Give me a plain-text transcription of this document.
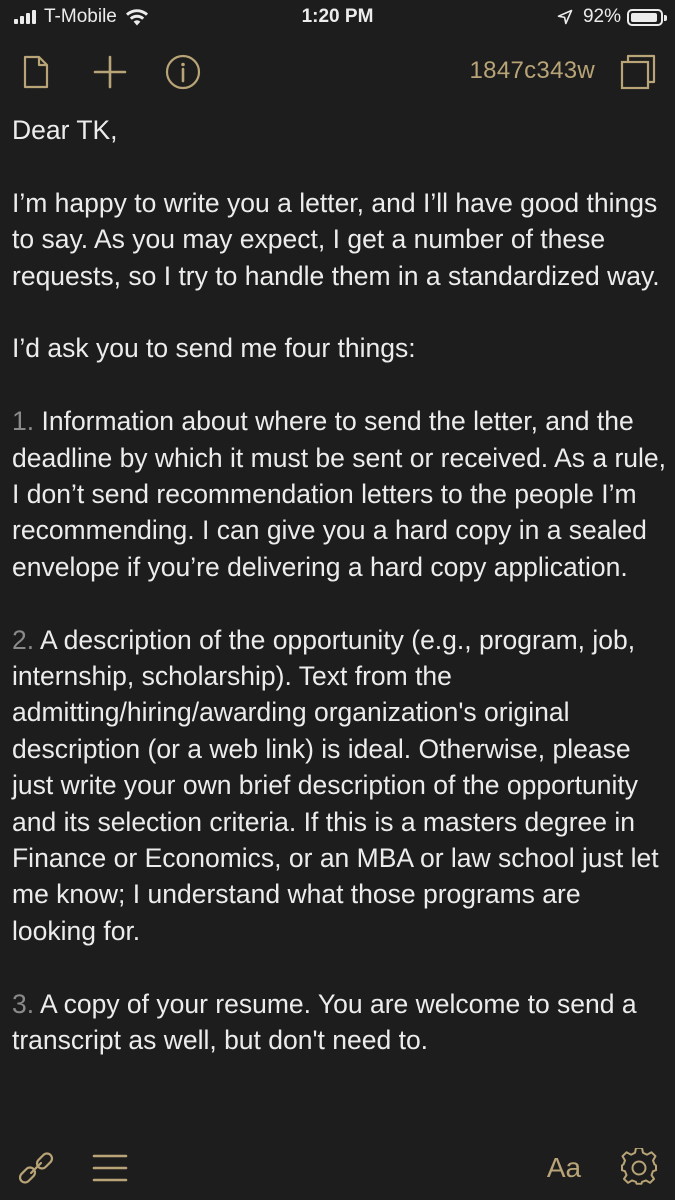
T-Mobile	1:20 PM	92%
1847c343w

Dear TK,

I’m happy to write you a letter, and I’ll have good things to say. As you may expect, I get a number of these requests, so I try to handle them in a standardized way.

I’d ask you to send me four things:

1. Information about where to send the letter, and the deadline by which it must be sent or received. As a rule, I don’t send recommendation letters to the people I’m recommending. I can give you a hard copy in a sealed envelope if you’re delivering a hard copy application.

2. A description of the opportunity (e.g., program, job, internship, scholarship). Text from the admitting/hiring/awarding organization's original description (or a web link) is ideal. Otherwise, please just write your own brief description of the opportunity and its selection criteria. If this is a masters degree in Finance or Economics, or an MBA or law school just let me know; I understand what those programs are looking for.

3. A copy of your resume. You are welcome to send a transcript as well, but don't need to.

Aa
